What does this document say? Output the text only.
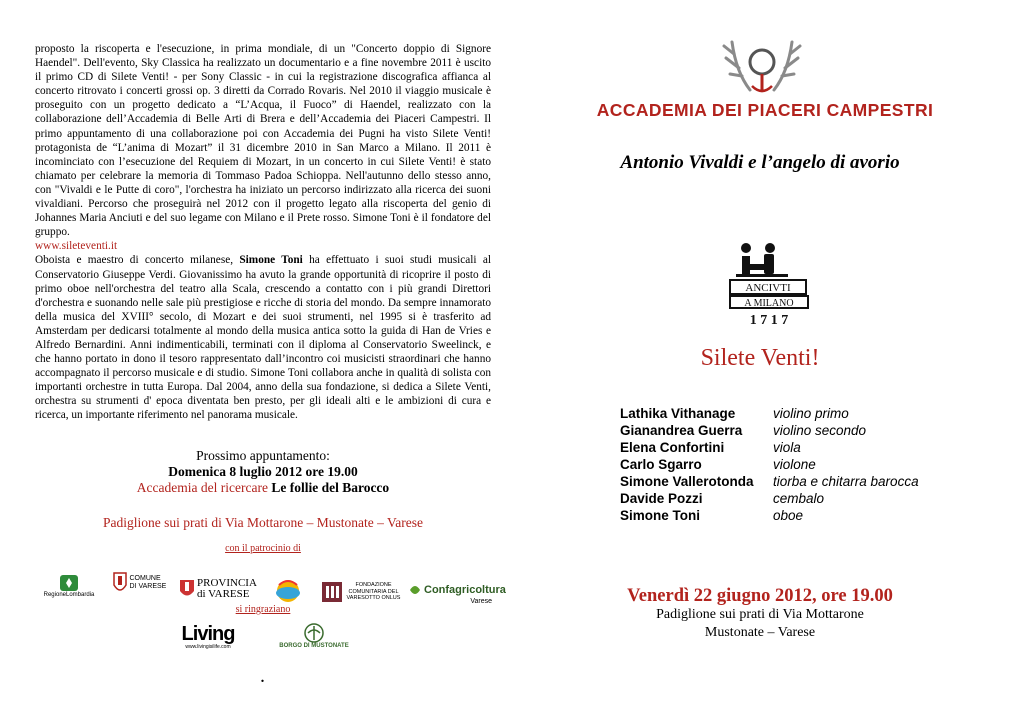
proposto la riscoperta e l'esecuzione, in prima mondiale, di un "Concerto doppio di Signore Haendel". Dell'evento, Sky Classica ha realizzato un documentario e a fine novembre 2011 è uscito il primo CD di Silete Venti! - per Sony Classic - in cui la registrazione discografica affianca al concerto ritrovato i concerti grossi op. 3 diretti da Corrado Rovaris. Nel 2010 il viaggio musicale è proseguito con un progetto dedicato a “L’Acqua, il Fuoco” di Haendel, realizzato con la collaborazione dell’Accademia di Belle Arti di Brera e dell’Accademia dei Piaceri Campestri. Il primo appuntamento di una collaborazione poi con Accademia dei Pugni ha visto Silete Venti! protagonista de “L’anima di Mozart” il 31 dicembre 2010 in San Marco a Milano. Il 2011 è incominciato con l’esecuzione del Requiem di Mozart, in un concerto in cui Silete Venti! è stato chiamato per celebrare la memoria di Tommaso Padoa Schioppa. Nell'autunno dello stesso anno, con "Vivaldi e le Putte di coro", l'orchestra ha iniziato un percorso indirizzato alla ricerca dei suoni vivaldiani. Percorso che proseguirà nel 2012 con il progetto legato alla riscoperta del genio di Johannes Maria Anciuti e del suo legame con Milano e il Prete rosso. Simone Toni è il fondatore del gruppo.

www.sileteventi.it

Oboista e maestro di concerto milanese, Simone Toni ha effettuato i suoi studi musicali al Conservatorio Giuseppe Verdi. Giovanissimo ha avuto la grande opportunità di ricoprire il posto di primo oboe nell'orchestra del teatro alla Scala, crescendo a contatto con i più grandi Direttori d'orchestra e suonando nelle sale più prestigiose e ricche di storia del mondo. Da sempre innamorato della musica del XVIII° secolo, di Mozart e dei suoi strumenti, nel 1995 si è trasferito ad Amsterdam per dedicarsi totalmente al mondo della musica antica sotto la guida di Han de Vries e Alfredo Bernardini. Anni indimenticabili, terminati con il diploma al Conservatorio Sweelinck, e che hanno portato in dono il tesoro rappresentato dall’incontro coi musicisti straordinari che hanno accompagnato il percorso musicale e di studio. Simone Toni collabora anche in qualità di solista con importanti orchestre in tutta Europa. Dal 2004, anno della sua fondazione, si dedica a Silete Venti, orchestra su strumenti d' epoca diventata ben presto, per gli ideali alti e le ambizioni di cura e ricerca, un importante riferimento nel panorama musicale.

Prossimo appuntamento:
Domenica 8 luglio 2012 ore 19.00
Accademia del ricercare Le follie del Barocco
Padiglione sui prati di Via Mottarone – Mustonate – Varese
con il patrocinio di
RegioneLombardia
COMUNE DI VARESE	PROVINCIA di VARESE
FONDAZIONE COMUNITARIA DEL VARESOTTO ONLUS
Confagricoltura
Varese
si ringraziano
Living
www.livingisilife.com	BORGO DI MUSTONATE
.
ACCADEMIA DEI PIACERI CAMPESTRI
Antonio Vivaldi e l’angelo di avorio
ANCIVTI
A MILANO
1 7 1 7
Silete Venti!
Lathika Vithanage	violino primo
Gianandrea Guerra	violino secondo
Elena Confortini	viola
Carlo Sgarro	violone
Simone Vallerotonda	tiorba e chitarra barocca
Davide Pozzi	cembalo
Simone Toni	oboe
Venerdì 22 giugno 2012, ore 19.00
Padiglione sui prati di Via Mottarone
Mustonate – Varese
